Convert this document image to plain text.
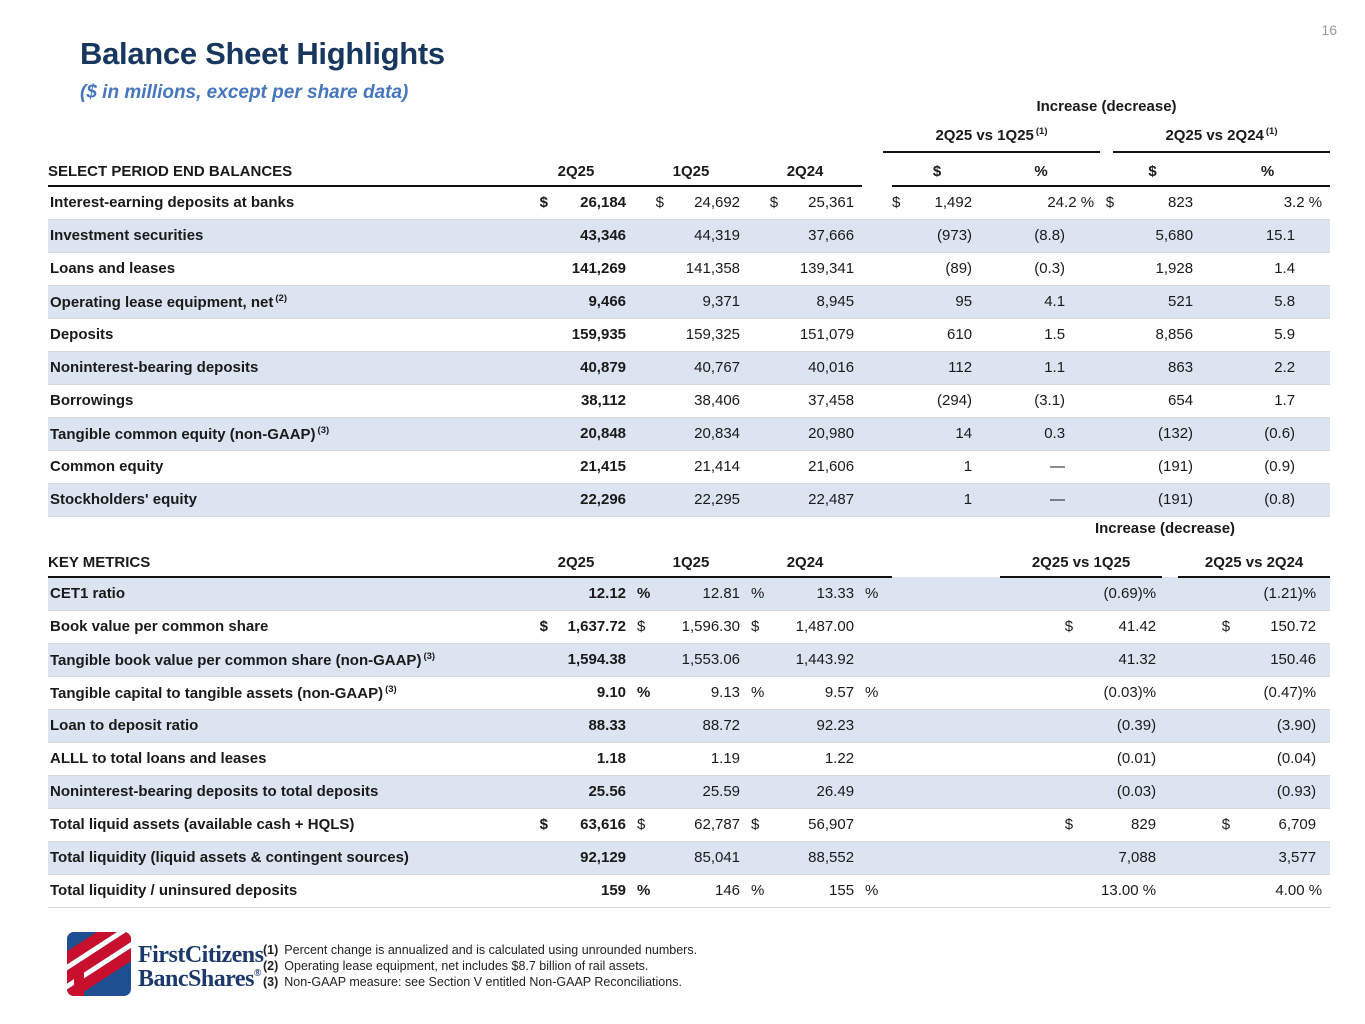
16
Balance Sheet Highlights
($ in millions, except per share data)
Increase (decrease)
2Q25 vs 1Q25 $^{(1)}$	2Q25 vs 2Q24 $^{(1)}$
SELECT PERIOD END BALANCES	2Q25		1Q25		2Q24			$		%	$		%
Interest-earning deposits at banks	$	26,184	$	24,692	$	25,361		$	1,492	24.2 %	$	823	3.2 %
Investment securities		43,346		44,319		37,666			(973)	(8.8)		5,680	15.1
Loans and leases		141,269		141,358		139,341			(89)	(0.3)		1,928	1.4
Operating lease equipment, net $^{(2)}$		9,466		9,371		8,945			95	4.1		521	5.8
Deposits		159,935		159,325		151,079			610	1.5		8,856	5.9
Noninterest-bearing deposits		40,879		40,767		40,016			112	1.1		863	2.2
Borrowings		38,112		38,406		37,458			(294)	(3.1)		654	1.7
Tangible common equity (non-GAAP) $^{(3)}$		20,848		20,834		20,980			14	0.3		(132)	(0.6)
Common equity		21,415		21,414		21,606			1	—		(191)	(0.9)
Stockholders' equity		22,296		22,295		22,487			1	—		(191)	(0.8)
Increase (decrease)
KEY METRICS	2Q25		1Q25		2Q24				2Q25 vs 1Q25			2Q25 vs 2Q24	
CET1 ratio		12.12	%	12.81	%	13.33	%			(0.69)%			(1.21)%
Book value per common share	$	1,637.72	$	1,596.30	$	1,487.00			$	41.42		$	150.72
Tangible book value per common share (non-GAAP) $^{(3)}$		1,594.38		1,553.06		1,443.92				41.32			150.46
Tangible capital to tangible assets (non-GAAP) $^{(3)}$		9.10	%	9.13	%	9.57	%			(0.03)%			(0.47)%
Loan to deposit ratio		88.33		88.72		92.23				(0.39)			(3.90)
ALLL to total loans and leases		1.18		1.19		1.22				(0.01)			(0.04)
Noninterest-bearing deposits to total deposits		25.56		25.59		26.49				(0.03)			(0.93)
Total liquid assets (available cash + HQLS)	$	63,616	$	62,787	$	56,907			$	829		$	6,709
Total liquidity (liquid assets & contingent sources)		92,129		85,041		88,552				7,088			3,577
Total liquidity / uninsured deposits		159	%	146	%	155	%			13.00 %			4.00 %
FirstCitizens
BancShares®
(1) Percent change is annualized and is calculated using unrounded numbers.
(2) Operating lease equipment, net includes $8.7 billion of rail assets.
(3) Non-GAAP measure: see Section V entitled Non-GAAP Reconciliations.
